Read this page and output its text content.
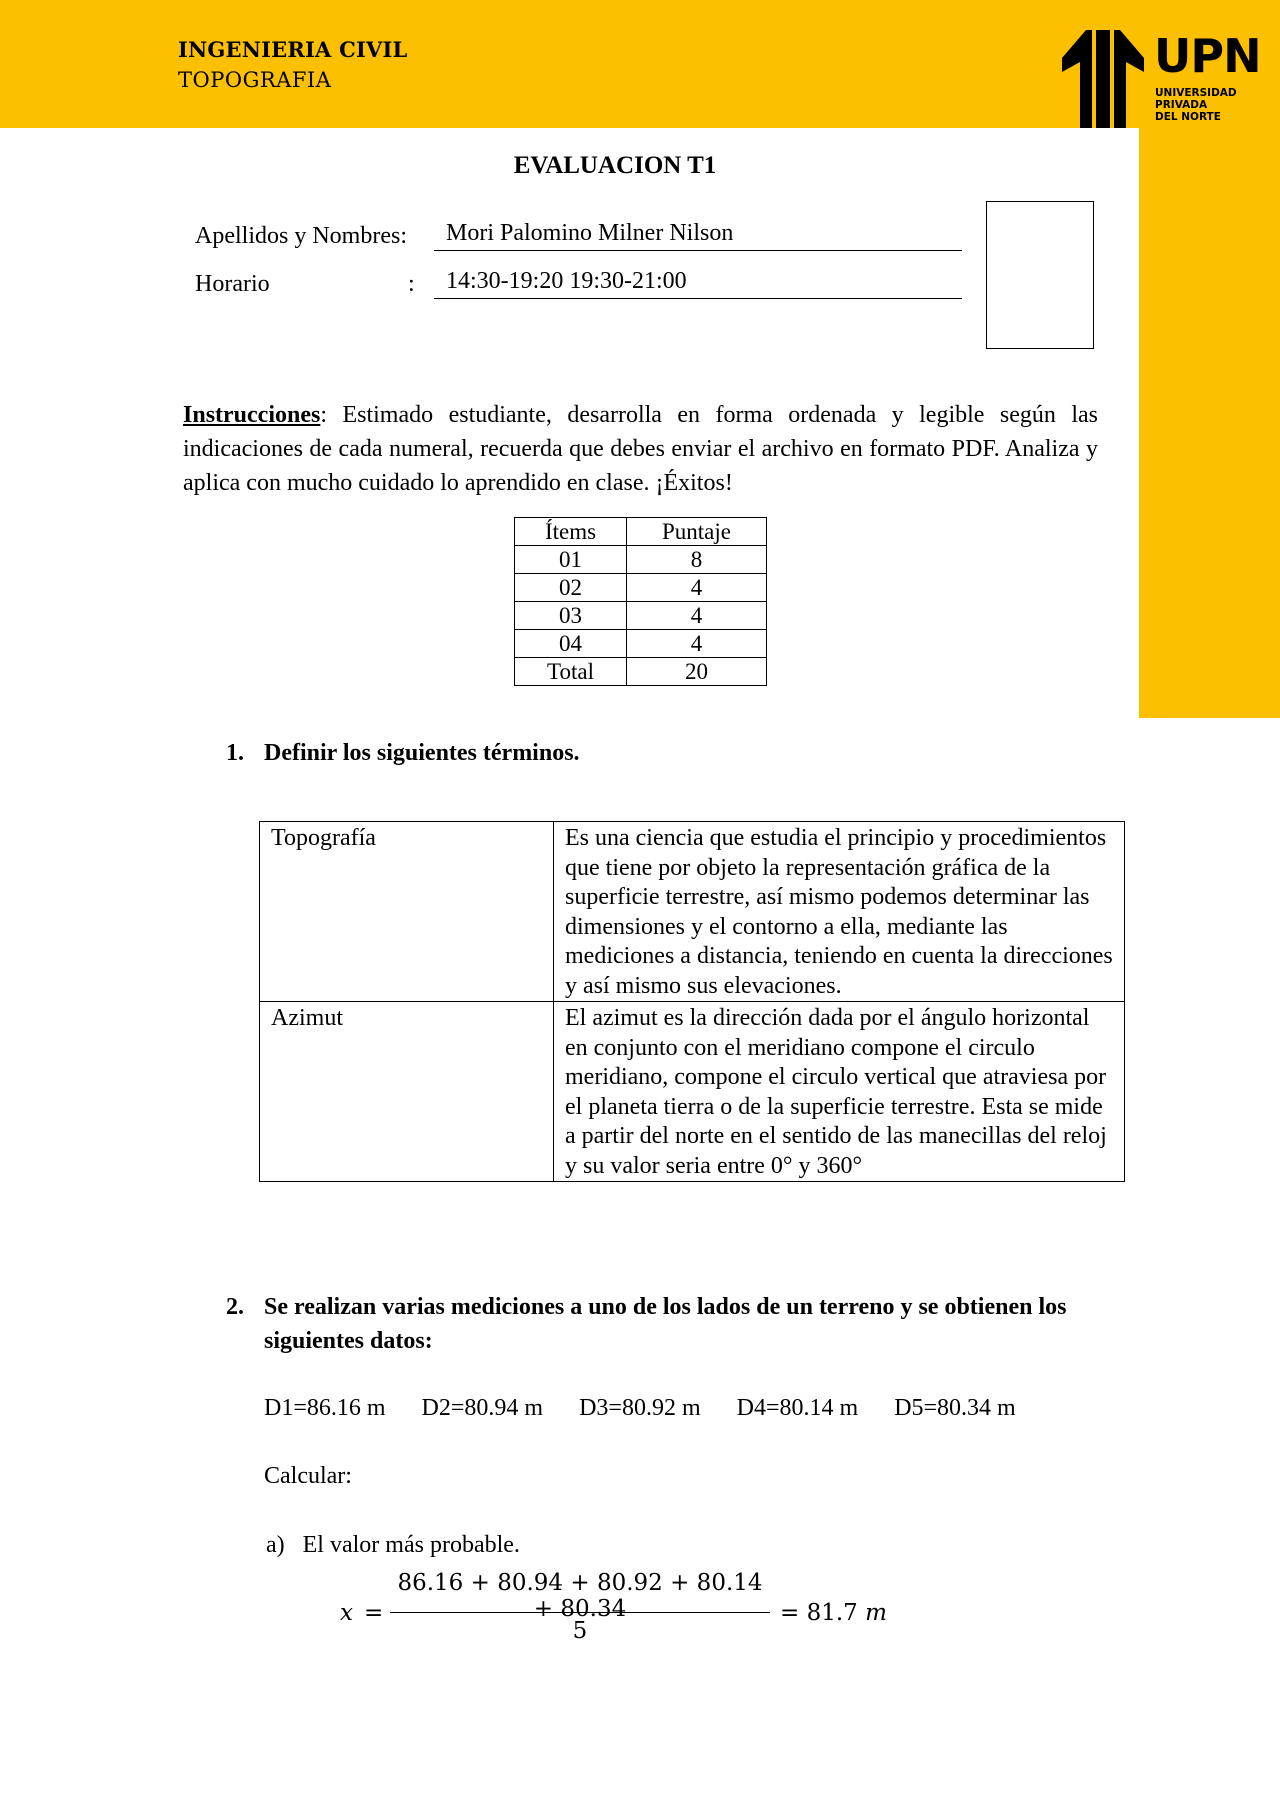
INGENIERIA CIVIL
TOPOGRAFIA	UPN
UNIVERSIDAD
PRIVADA
DEL NORTE
EVALUACION T1
Apellidos y Nombres:	Mori Palomino Milner Nilson
Horario	:	14:30-19:20 19:30-21:00
Instrucciones: Estimado estudiante, desarrolla en forma ordenada y legible según las indicaciones de cada numeral, recuerda que debes enviar el archivo en formato PDF. Analiza y aplica con mucho cuidado lo aprendido en clase. ¡Éxitos!
Ítems	Puntaje
01	8
02	4
03	4
04	4
Total	20
1. Definir los siguientes términos.
Topografía	Es una ciencia que estudia el principio y procedimientos que tiene por objeto la representación gráfica de la superficie terrestre, así mismo podemos determinar las dimensiones y el contorno a ella, mediante las mediciones a distancia, teniendo en cuenta la direcciones y así mismo sus elevaciones.
Azimut	El azimut es la dirección dada por el ángulo horizontal en conjunto con el meridiano compone el circulo meridiano, compone el circulo vertical que atraviesa por el planeta tierra o de la superficie terrestre. Esta se mide a partir del norte en el sentido de las manecillas del reloj y su valor seria entre 0° y 360°
2. Se realizan varias mediciones a uno de los lados de un terreno y se obtienen los siguientes datos:
D1=86.16 m D2=80.94 m D3=80.92 m D4=80.14 m D5=80.34 m
Calcular:
a)   El valor más probable.
x =
86.16 + 80.94 + 80.92 + 80.14 + 80.34
5
= 81.7 m
